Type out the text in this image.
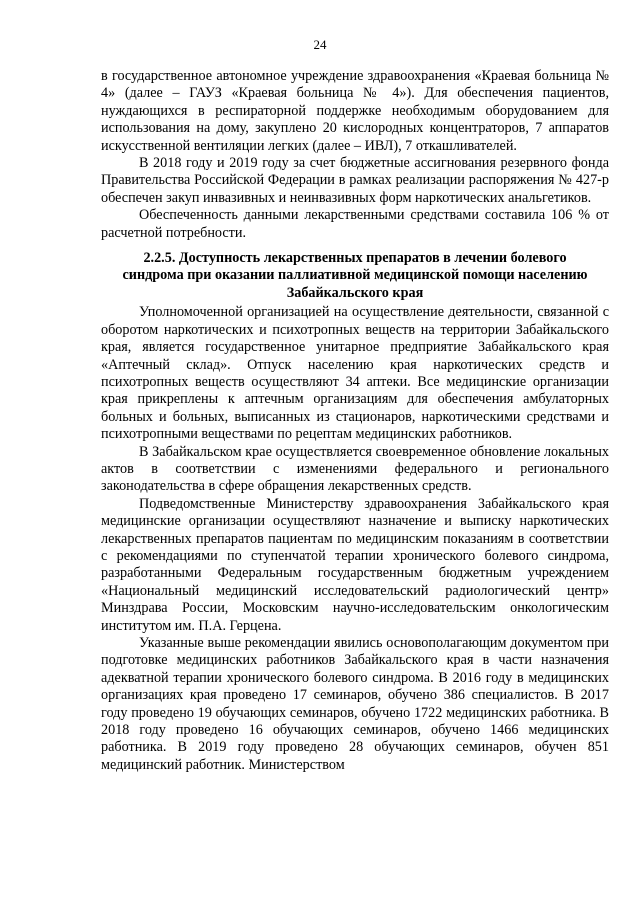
24

в государственное автономное учреждение здравоохранения «Краевая больница № 4» (далее – ГАУЗ «Краевая больница № 4»). Для обеспечения пациентов, нуждающихся в респираторной поддержке необходимым оборудованием для использования на дому, закуплено 20 кислородных концентраторов, 7 аппаратов искусственной вентиляции легких (далее – ИВЛ), 7 откашливателей.

В 2018 году и 2019 году за счет бюджетные ассигнования резервного фонда Правительства Российской Федерации в рамках реализации распоряжения № 427-р обеспечен закуп инвазивных и неинвазивных форм наркотических анальгетиков.

Обеспеченность данными лекарственными средствами составила 106 % от расчетной потребности.

2.2.5. Доступность лекарственных препаратов в лечении болевого
синдрома при оказании паллиативной медицинской помощи населению
Забайкальского края

Уполномоченной организацией на осуществление деятельности, связанной с оборотом наркотических и психотропных веществ на территории Забайкальского края, является государственное унитарное предприятие Забайкальского края «Аптечный склад». Отпуск населению края наркотических средств и психотропных веществ осуществляют 34 аптеки. Все медицинские организации края прикреплены к аптечным организациям для обеспечения амбулаторных больных и больных, выписанных из стационаров, наркотическими средствами и психотропными веществами по рецептам медицинских работников.

В Забайкальском крае осуществляется своевременное обновление локальных актов в соответствии с изменениями федерального и регионального законодательства в сфере обращения лекарственных средств.

Подведомственные Министерству здравоохранения Забайкальского края медицинские организации осуществляют назначение и выписку наркотических лекарственных препаратов пациентам по медицинским показаниям в соответствии с рекомендациями по ступенчатой терапии хронического болевого синдрома, разработанными Федеральным государственным бюджетным учреждением «Национальный медицинский исследовательский радиологический центр» Минздрава России, Московским научно-исследовательским онкологическим институтом им. П.А. Герцена.

Указанные выше рекомендации явились основополагающим документом при подготовке медицинских работников Забайкальского края в части назначения адекватной терапии хронического болевого синдрома. В 2016 году в медицинских организациях края проведено 17 семинаров, обучено 386 специалистов. В 2017 году проведено 19 обучающих семинаров, обучено 1722 медицинских работника. В 2018 году проведено 16 обучающих семинаров, обучено 1466 медицинских работника. В 2019 году проведено 28 обучающих семинаров, обучен 851 медицинский работник. Министерством
